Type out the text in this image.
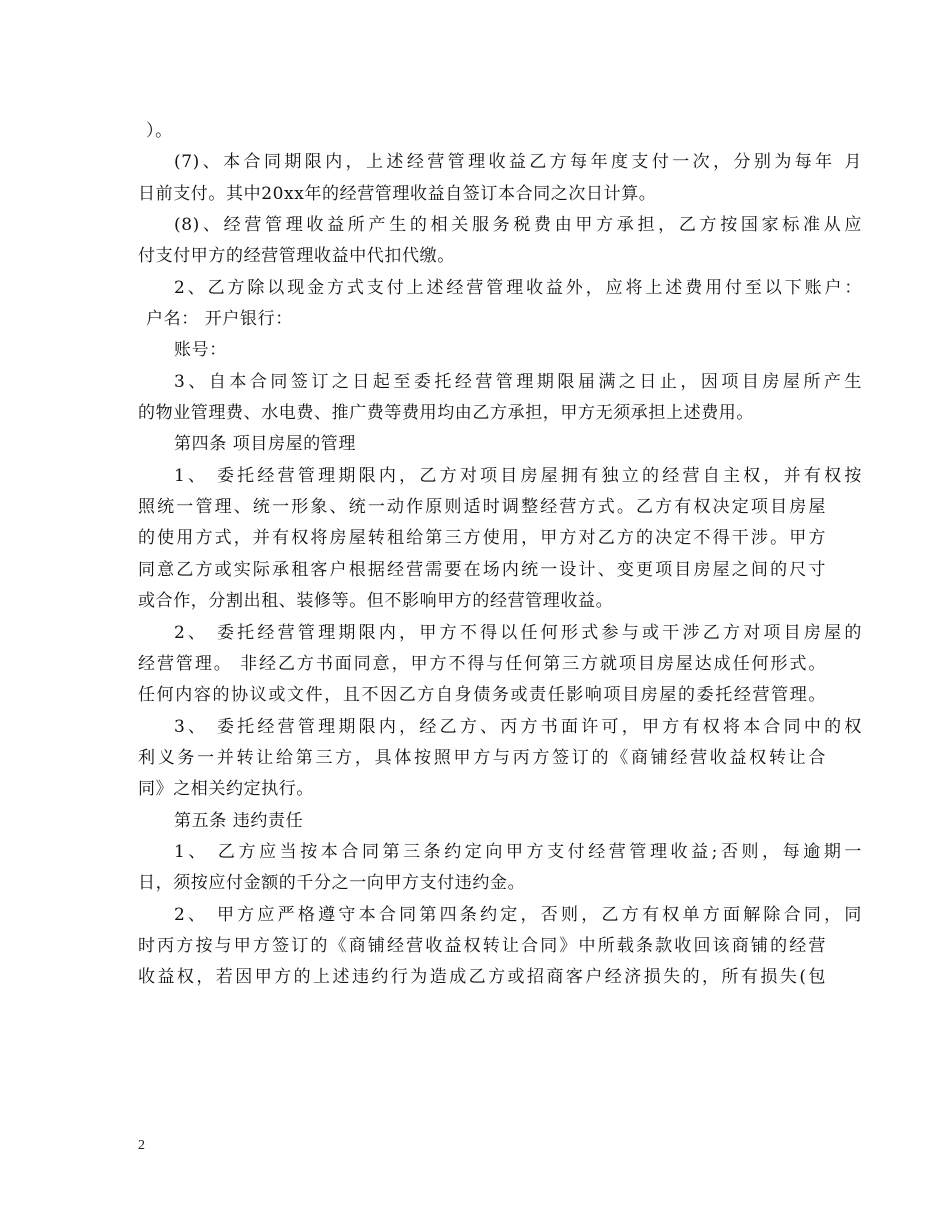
）。
(7)、本合同期限内，上述经营管理收益乙方每年度支付一次，分别为每年 月
日前支付。其中20xx年的经营管理收益自签订本合同之次日计算。
(8)、经营管理收益所产生的相关服务税费由甲方承担，乙方按国家标准从应
付支付甲方的经营管理收益中代扣代缴。
2、乙方除以现金方式支付上述经营管理收益外，应将上述费用付至以下账户：
户名： 开户银行：
账号：
3、自本合同签订之日起至委托经营管理期限届满之日止，因项目房屋所产生
的物业管理费、水电费、推广费等费用均由乙方承担，甲方无须承担上述费用。
第四条 项目房屋的管理
1、 委托经营管理期限内，乙方对项目房屋拥有独立的经营自主权，并有权按
照统一管理、统一形象、统一动作原则适时调整经营方式。乙方有权决定项目房屋
的使用方式，并有权将房屋转租给第三方使用，甲方对乙方的决定不得干涉。甲方
同意乙方或实际承租客户根据经营需要在场内统一设计、变更项目房屋之间的尺寸
或合作，分割出租、装修等。但不影响甲方的经营管理收益。
2、 委托经营管理期限内，甲方不得以任何形式参与或干涉乙方对项目房屋的
经营管理。 非经乙方书面同意，甲方不得与任何第三方就项目房屋达成任何形式。
任何内容的协议或文件，且不因乙方自身债务或责任影响项目房屋的委托经营管理。
3、 委托经营管理期限内，经乙方、丙方书面许可，甲方有权将本合同中的权
利义务一并转让给第三方，具体按照甲方与丙方签订的《商铺经营收益权转让合
同》之相关约定执行。
第五条 违约责任
1、 乙方应当按本合同第三条约定向甲方支付经营管理收益;否则，每逾期一
日，须按应付金额的千分之一向甲方支付违约金。
2、 甲方应严格遵守本合同第四条约定，否则，乙方有权单方面解除合同，同
时丙方按与甲方签订的《商铺经营收益权转让合同》中所载条款收回该商铺的经营
收益权，若因甲方的上述违约行为造成乙方或招商客户经济损失的，所有损失(包
2
